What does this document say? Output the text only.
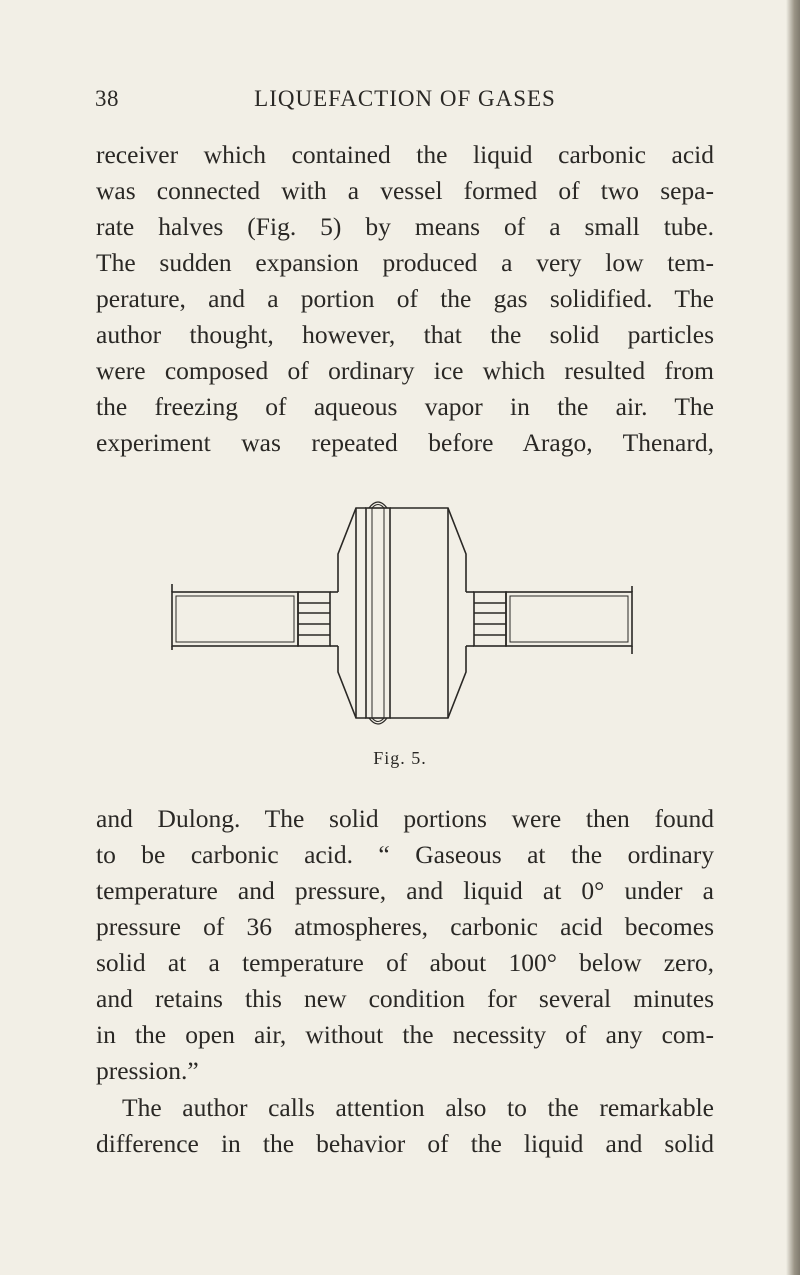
38	LIQUEFACTION OF GASES
receiver which contained the liquid carbonic acid
was connected with a vessel formed of two sepa-
rate halves (Fig. 5) by means of a small tube.
The sudden expansion produced a very low tem-
perature, and a portion of the gas solidified. The
author thought, however, that the solid particles
were composed of ordinary ice which resulted from
the freezing of aqueous vapor in the air. The
experiment was repeated before Arago, Thenard,
Fig. 5.
and Dulong. The solid portions were then found
to be carbonic acid. “ Gaseous at the ordinary
temperature and pressure, and liquid at 0° under a
pressure of 36 atmospheres, carbonic acid becomes
solid at a temperature of about 100° below zero,
and retains this new condition for several minutes
in the open air, without the necessity of any com-
pression.”
The author calls attention also to the remarkable
difference in the behavior of the liquid and solid
